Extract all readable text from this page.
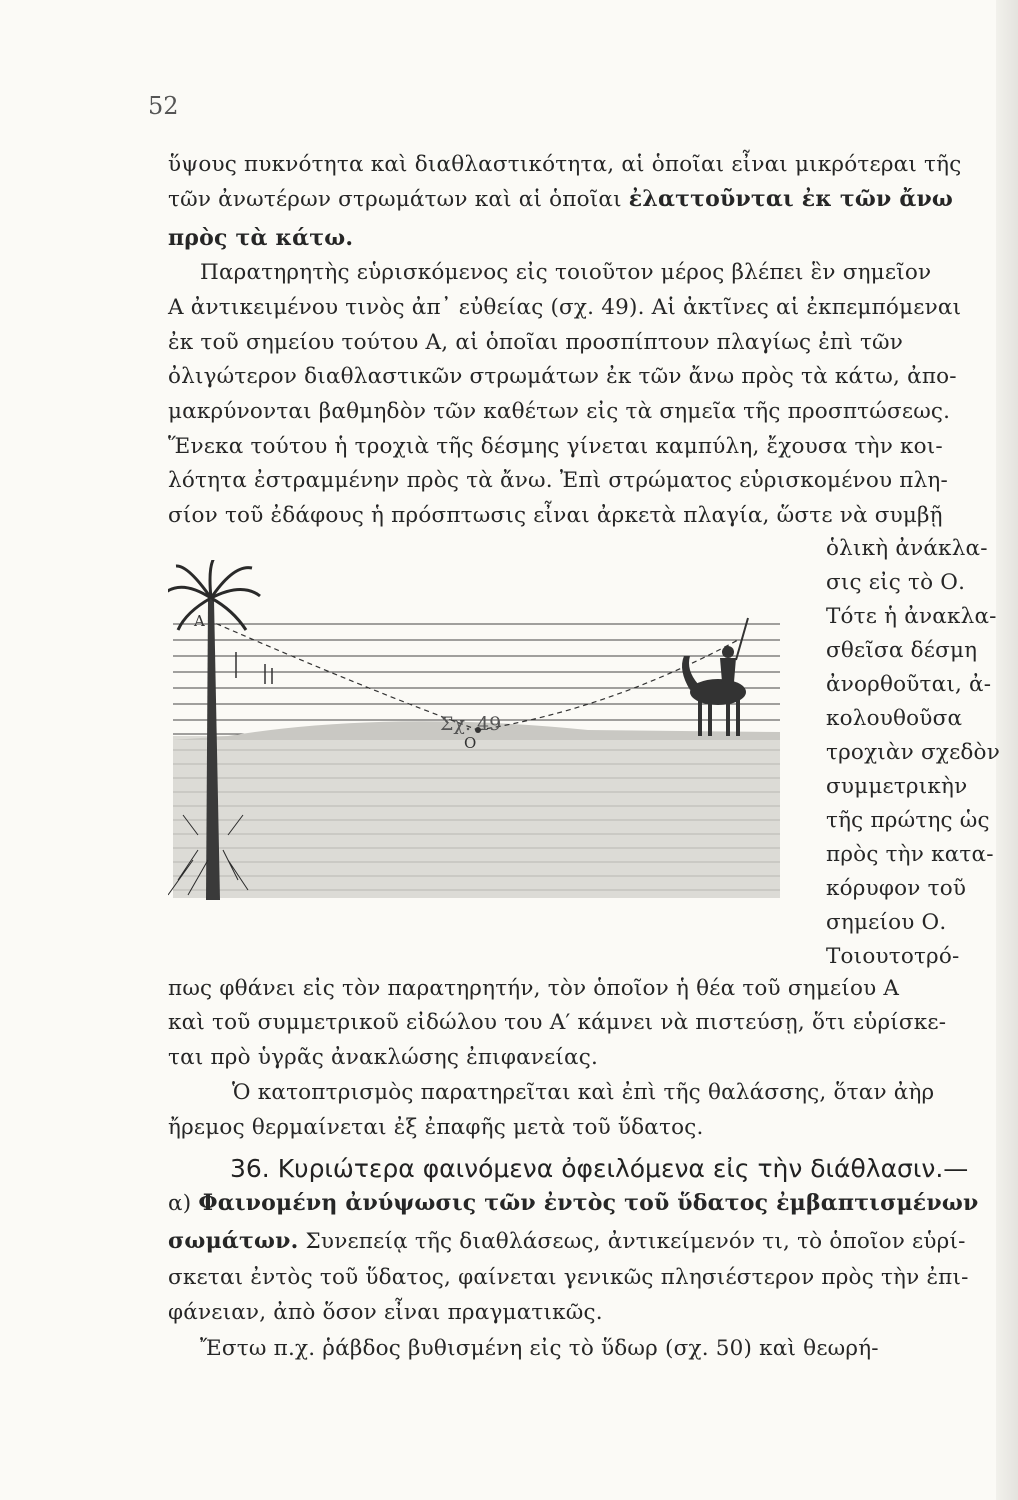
52
ὕψους πυκνότητα καὶ διαθλαστικότητα, αἱ ὁποῖαι εἶναι μικρότεραι τῆς
τῶν ἀνωτέρων στρωμάτων καὶ αἱ ὁποῖαι ἐλαττοῦνται ἐκ τῶν ἄνω
πρὸς τὰ κάτω.
Παρατηρητὴς εὑρισκόμενος εἰς τοιοῦτον μέρος βλέπει ἓν σημεῖον
Α ἀντικειμένου τινὸς ἀπ᾽ εὐθείας (σχ. 49). Αἱ ἀκτῖνες αἱ ἐκπεμπόμεναι
ἐκ τοῦ σημείου τούτου Α, αἱ ὁποῖαι προσπίπτουν πλαγίως ἐπὶ τῶν
ὀλιγώτερον διαθλαστικῶν στρωμάτων ἐκ τῶν ἄνω πρὸς τὰ κάτω, ἀπο-
μακρύνονται βαθμηδὸν τῶν καθέτων εἰς τὰ σημεῖα τῆς προσπτώσεως.
Ἕνεκα τούτου ἡ τροχιὰ τῆς δέσμης γίνεται καμπύλη, ἔχουσα τὴν κοι-
λότητα ἐστραμμένην πρὸς τὰ ἄνω. Ἐπὶ στρώματος εὑρισκομένου πλη-
σίον τοῦ ἐδάφους ἡ πρόσπτωσις εἶναι ἀρκετὰ πλαγία, ὥστε νὰ συμβῇ
ὁλικὴ ἀνάκλα-
σις εἰς τὸ Ο.
Τότε ἡ ἀνακλα-
σθεῖσα δέσμη
ἀνορθοῦται, ἀ-
κολουθοῦσα
τροχιὰν σχεδὸν
συμμετρικὴν
τῆς πρώτης ὡς
πρὸς τὴν κατα-
κόρυφον τοῦ
σημείου Ο.
Τοιουτοτρό-
πως φθάνει εἰς τὸν παρατηρητήν, τὸν ὁποῖον ἡ θέα τοῦ σημείου Α
καὶ τοῦ συμμετρικοῦ εἰδώλου του Α′ κάμνει νὰ πιστεύσῃ, ὅτι εὑρίσκε-
ται πρὸ ὑγρᾶς ἀνακλώσης ἐπιφανείας.
Ὁ κατοπτρισμὸς παρατηρεῖται καὶ ἐπὶ τῆς θαλάσσης, ὅταν ἀὴρ
ἤρεμος θερμαίνεται ἐξ ἐπαφῆς μετὰ τοῦ ὕδατος.
α) Φαινομένη ἀνύψωσις τῶν ἐντὸς τοῦ ὕδατος ἐμβαπτισμένων
σωμάτων. Συνεπείᾳ τῆς διαθλάσεως, ἀντικείμενόν τι, τὸ ὁποῖον εὑρί-
σκεται ἐντὸς τοῦ ὕδατος, φαίνεται γενικῶς πλησιέστερον πρὸς τὴν ἐπι-
φάνειαν, ἀπὸ ὅσον εἶναι πραγματικῶς.
Ἔστω π.χ. ῥάβδος βυθισμένη εἰς τὸ ὕδωρ (σχ. 50) καὶ θεωρή-
36. Κυριώτερα φαινόμενα ὀφειλόμενα εἰς τὴν διάθλασιν.—
Α
Ο
Σχ. 49
